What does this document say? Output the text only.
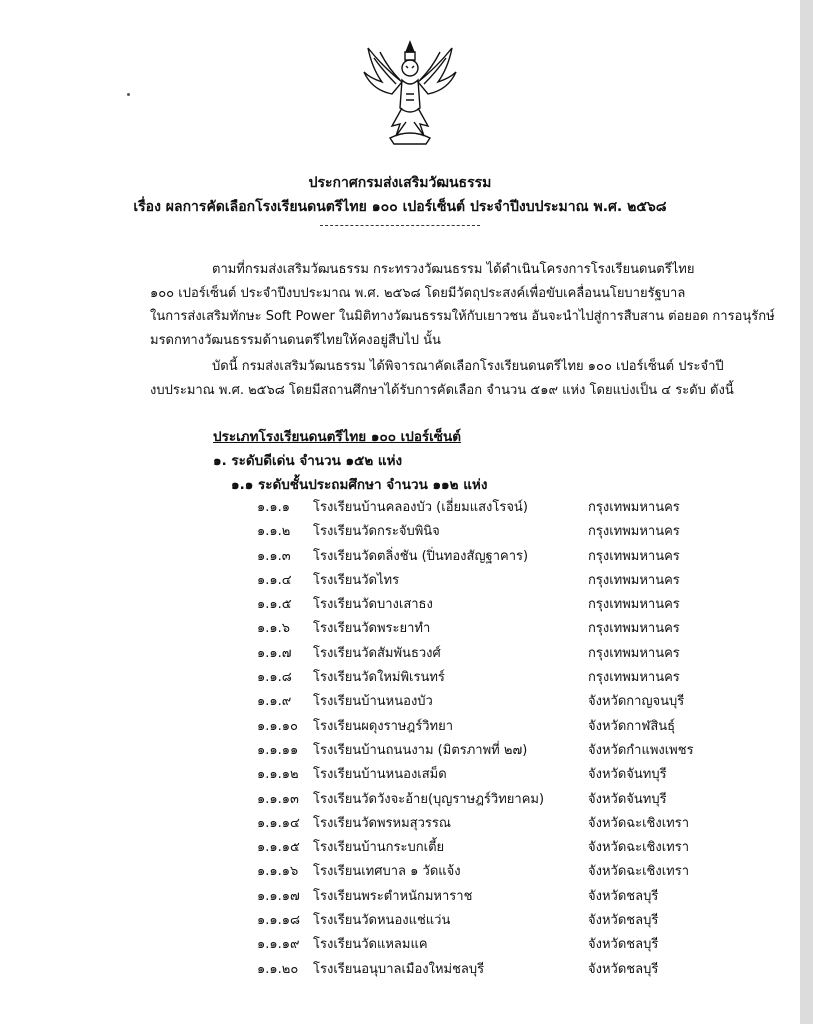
ประกาศกรมส่งเสริมวัฒนธรรม
เรื่อง ผลการคัดเลือกโรงเรียนดนตรีไทย ๑๐๐ เปอร์เซ็นต์ ประจำปีงบประมาณ พ.ศ. ๒๕๖๘
ตามที่กรมส่งเสริมวัฒนธรรม กระทรวงวัฒนธรรม ได้ดำเนินโครงการโรงเรียนดนตรีไทย
๑๐๐ เปอร์เซ็นต์ ประจำปีงบประมาณ พ.ศ. ๒๕๖๘ โดยมีวัตถุประสงค์เพื่อขับเคลื่อนนโยบายรัฐบาล
ในการส่งเสริมทักษะ Soft Power ในมิติทางวัฒนธรรมให้กับเยาวชน อันจะนำไปสู่การสืบสาน ต่อยอด การอนุรักษ์
มรดกทางวัฒนธรรมด้านดนตรีไทยให้คงอยู่สืบไป นั้น
บัดนี้ กรมส่งเสริมวัฒนธรรม ได้พิจารณาคัดเลือกโรงเรียนดนตรีไทย ๑๐๐ เปอร์เซ็นต์ ประจำปี
งบประมาณ พ.ศ. ๒๕๖๘ โดยมีสถานศึกษาได้รับการคัดเลือก จำนวน ๕๑๙ แห่ง โดยแบ่งเป็น ๔ ระดับ ดังนี้
ประเภทโรงเรียนดนตรีไทย ๑๐๐ เปอร์เซ็นต์
๑. ระดับดีเด่น จำนวน ๑๕๒ แห่ง
๑.๑ ระดับชั้นประถมศึกษา จำนวน ๑๑๒ แห่ง
๑.๑.๑ โรงเรียนบ้านคลองบัว (เอี่ยมแสงโรจน์)	กรุงเทพมหานคร
๑.๑.๒ โรงเรียนวัดกระจับพินิจ	กรุงเทพมหานคร
๑.๑.๓ โรงเรียนวัดตลิ่งชัน (ปิ่นทองสัญฐาคาร)	กรุงเทพมหานคร
๑.๑.๔ โรงเรียนวัดไทร	กรุงเทพมหานคร
๑.๑.๕ โรงเรียนวัดบางเสาธง	กรุงเทพมหานคร
๑.๑.๖ โรงเรียนวัดพระยาทำ	กรุงเทพมหานคร
๑.๑.๗ โรงเรียนวัดสัมพันธวงศ์	กรุงเทพมหานคร
๑.๑.๘ โรงเรียนวัดใหม่พิเรนทร์	กรุงเทพมหานคร
๑.๑.๙ โรงเรียนบ้านหนองบัว	จังหวัดกาญจนบุรี
๑.๑.๑๐ โรงเรียนผดุงราษฎร์วิทยา	จังหวัดกาฬสินธุ์
๑.๑.๑๑ โรงเรียนบ้านถนนงาม (มิตรภาพที่ ๒๗)	จังหวัดกำแพงเพชร
๑.๑.๑๒ โรงเรียนบ้านหนองเสม็ด	จังหวัดจันทบุรี
๑.๑.๑๓ โรงเรียนวัดวังจะอ้าย(บุญราษฎร์วิทยาคม)	จังหวัดจันทบุรี
๑.๑.๑๔ โรงเรียนวัดพรหมสุวรรณ	จังหวัดฉะเชิงเทรา
๑.๑.๑๕ โรงเรียนบ้านกระบกเตี้ย	จังหวัดฉะเชิงเทรา
๑.๑.๑๖ โรงเรียนเทศบาล ๑ วัดแจ้ง	จังหวัดฉะเชิงเทรา
๑.๑.๑๗ โรงเรียนพระตำหนักมหาราช	จังหวัดชลบุรี
๑.๑.๑๘ โรงเรียนวัดหนองแช่แว่น	จังหวัดชลบุรี
๑.๑.๑๙ โรงเรียนวัดแหลมแค	จังหวัดชลบุรี
๑.๑.๒๐ โรงเรียนอนุบาลเมืองใหม่ชลบุรี	จังหวัดชลบุรี
